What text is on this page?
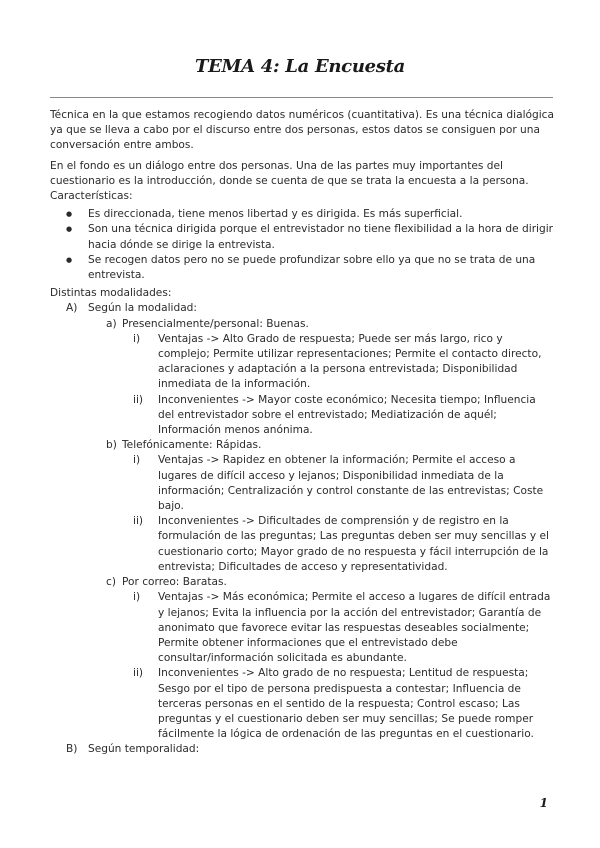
TEMA 4: La Encuesta

Técnica en la que estamos recogiendo datos numéricos (cuantitativa). Es una técnica dialógica ya que se lleva a cabo por el discurso entre dos personas, estos datos se consiguen por una conversación entre ambos.

En el fondo es un diálogo entre dos personas. Una de las partes muy importantes del cuestionario es la introducción, donde se cuenta de que se trata la encuesta a la persona. Características:

● Es direccionada, tiene menos libertad y es dirigida. Es más superficial.
● Son una técnica dirigida porque el entrevistador no tiene flexibilidad a la hora de dirigir hacia dónde se dirige la entrevista.
● Se recogen datos pero no se puede profundizar sobre ello ya que no se trata de una entrevista.
Distintas modalidades:
A) Según la modalidad:
a) Presencialmente/personal: Buenas.
i) Ventajas -> Alto Grado de respuesta; Puede ser más largo, rico y complejo; Permite utilizar representaciones; Permite el contacto directo, aclaraciones y adaptación a la persona entrevistada; Disponibilidad inmediata de la información.
ii) Inconvenientes -> Mayor coste económico; Necesita tiempo; Influencia del entrevistador sobre el entrevistado; Mediatización de aquél; Información menos anónima.
b) Telefónicamente: Rápidas.
i) Ventajas -> Rapidez en obtener la información; Permite el acceso a lugares de difícil acceso y lejanos; Disponibilidad inmediata de la información; Centralización y control constante de las entrevistas; Coste bajo.
ii) Inconvenientes -> Dificultades de comprensión y de registro en la formulación de las preguntas; Las preguntas deben ser muy sencillas y el cuestionario corto; Mayor grado de no respuesta y fácil interrupción de la entrevista; Dificultades de acceso y representatividad.
c) Por correo: Baratas.
i) Ventajas -> Más económica; Permite el acceso a lugares de difícil entrada y lejanos; Evita la influencia por la acción del entrevistador; Garantía de anonimato que favorece evitar las respuestas deseables socialmente; Permite obtener informaciones que el entrevistado debe consultar/información solicitada es abundante.
ii) Inconvenientes -> Alto grado de no respuesta; Lentitud de respuesta; Sesgo por el tipo de persona predispuesta a contestar; Influencia de terceras personas en el sentido de la respuesta; Control escaso; Las preguntas y el cuestionario deben ser muy sencillas; Se puede romper fácilmente la lógica de ordenación de las preguntas en el cuestionario.
B) Según temporalidad:
1
